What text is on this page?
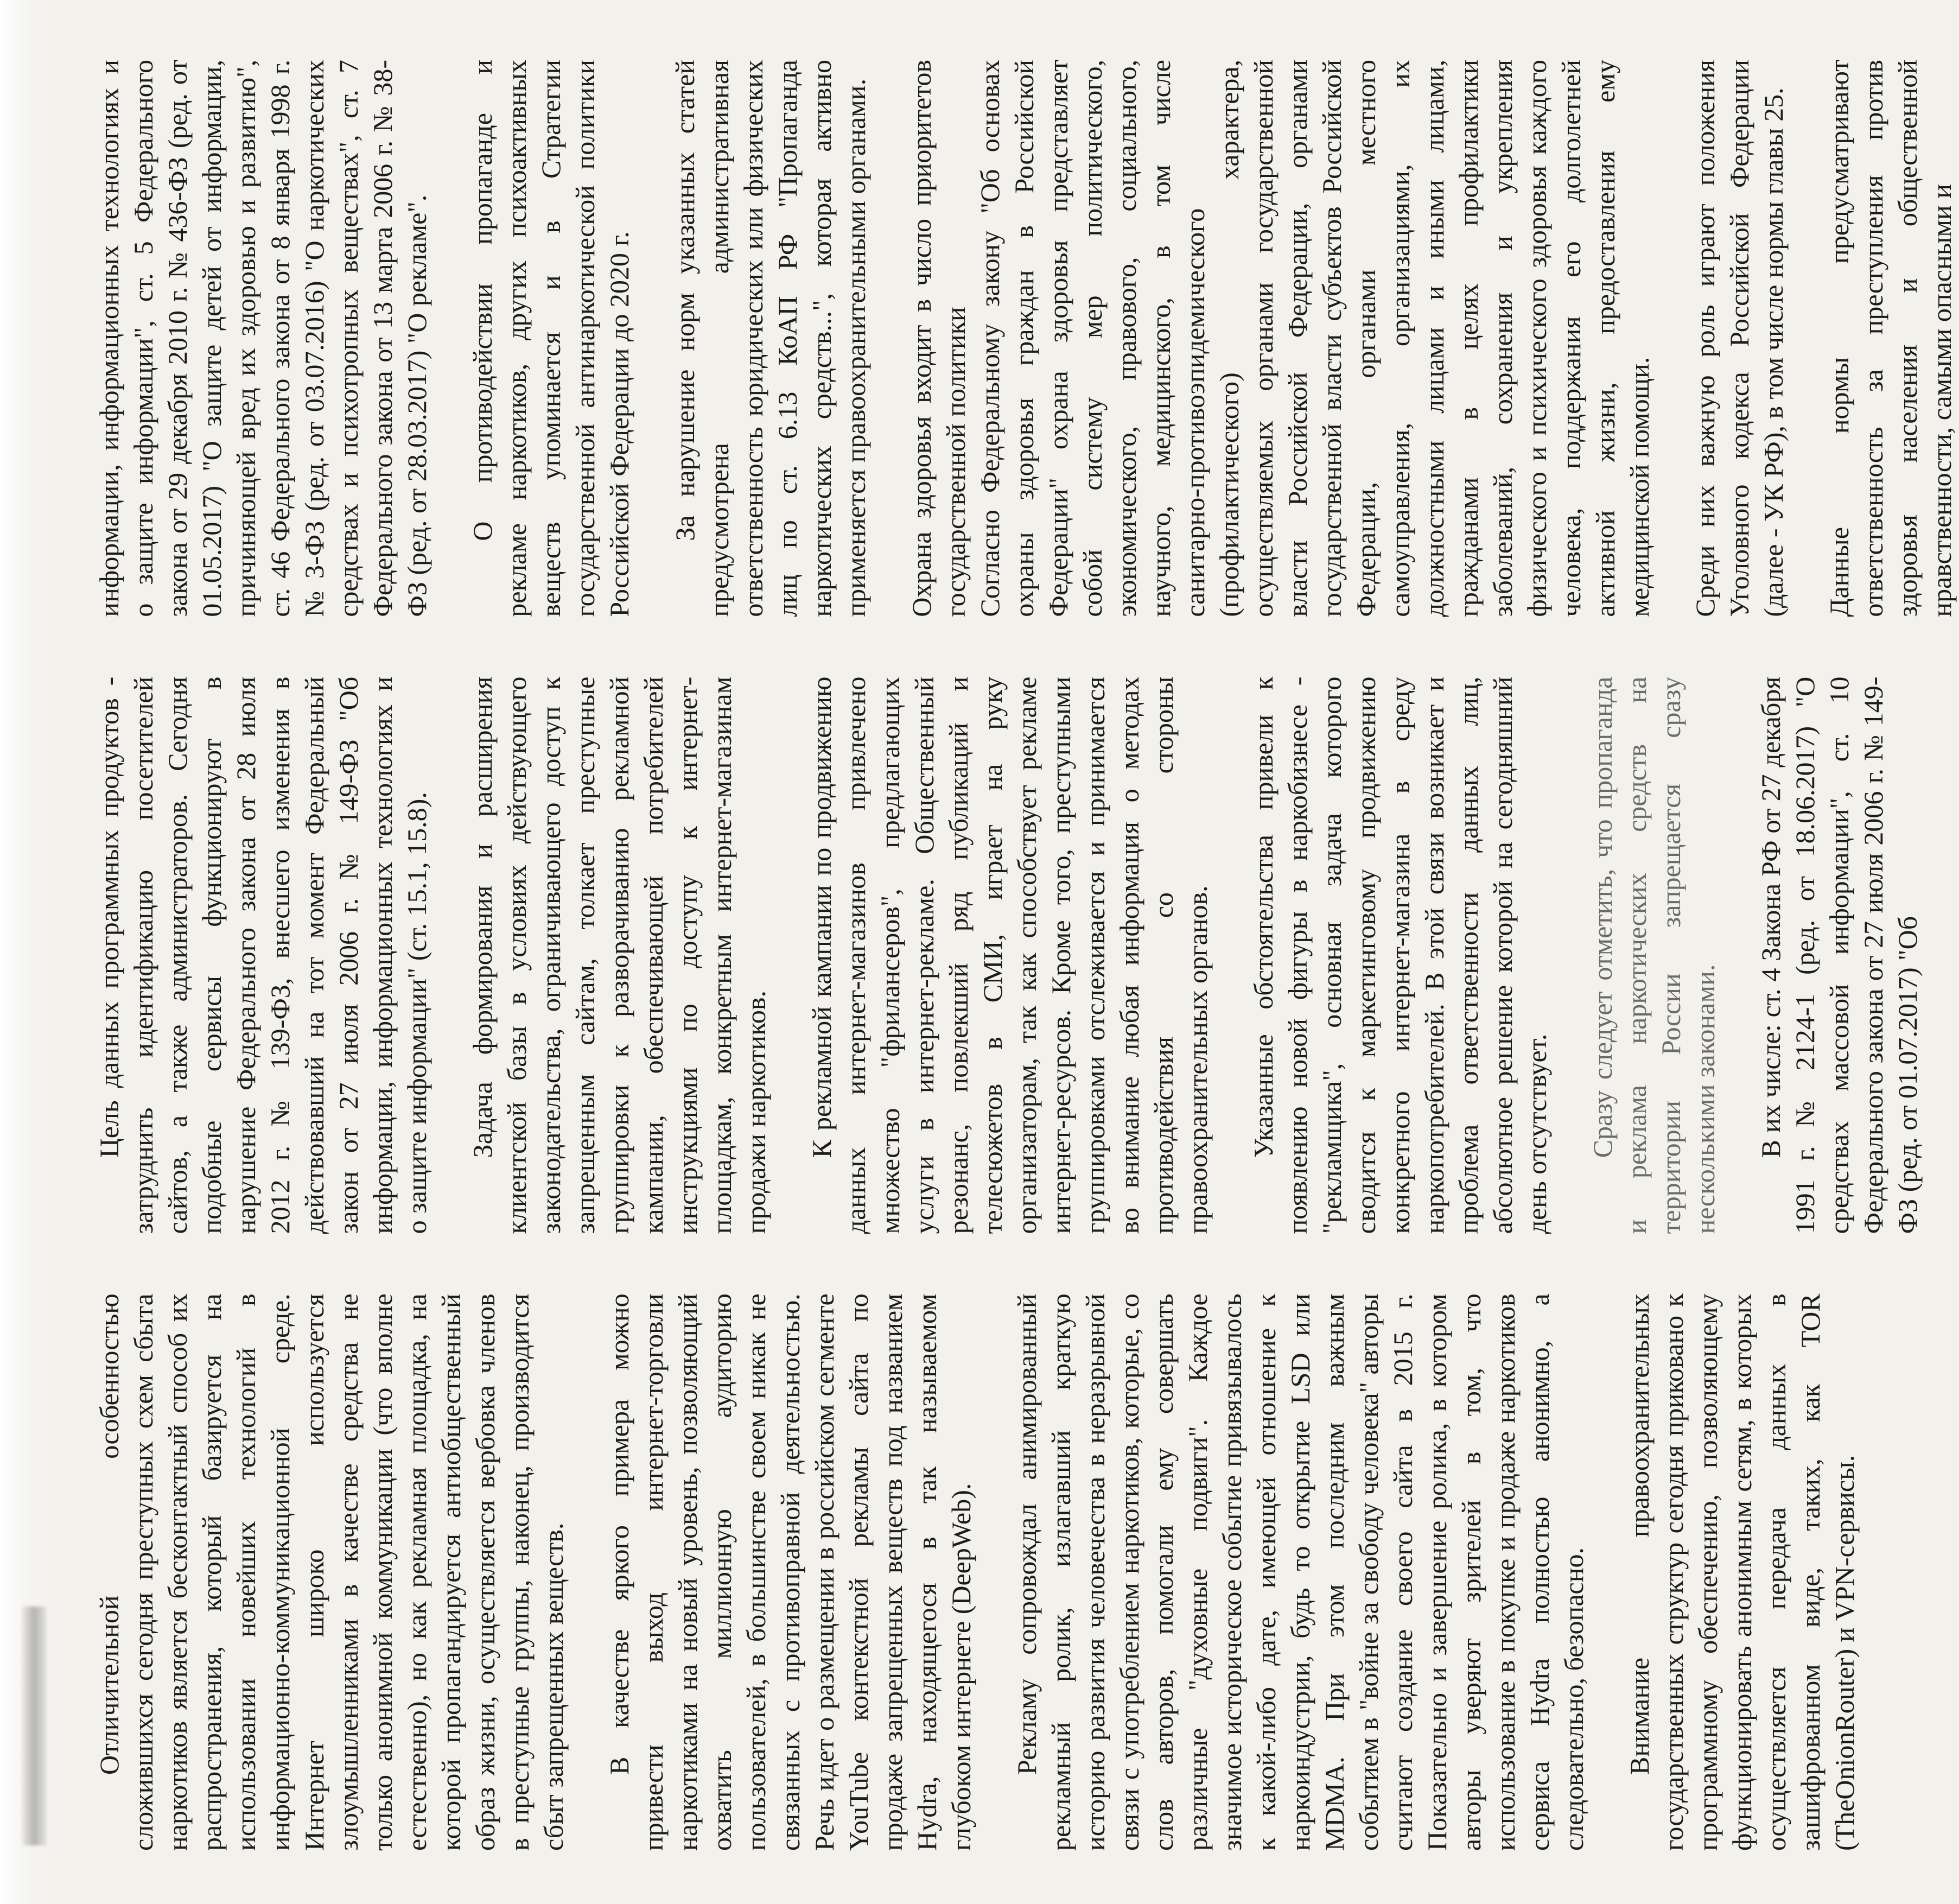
Отличительной особенностью сложившихся сегодня преступных схем сбыта наркотиков является бесконтактный способ их распространения, который базируется на использовании новейших технологий в информационно-коммуникационной среде. Интернет широко используется злоумышленниками в качестве средства не только анонимной коммуникации (что вполне естественно), но как рекламная площадка, на которой пропагандируется антиобщественный образ жизни, осуществляется вербовка членов в преступные группы, наконец, производится сбыт запрещенных веществ. В качестве яркого примера можно привести выход интернет-торговли наркотиками на новый уровень, позволяющий охватить миллионную аудиторию пользователей, в большинстве своем никак не связанных с противоправной деятельностью. Речь идет о размещении в российском сегменте YouTube контекстной рекламы сайта по продаже запрещенных веществ под названием Hydra, находящегося в так называемом глубоком интернете (DeepWeb). Рекламу сопровождал анимированный рекламный ролик, излагавший краткую историю развития человечества в неразрывной связи с употреблением наркотиков, которые, со слов авторов, помогали ему совершать различные "духовные подвиги". Каждое значимое историческое событие привязывалось к какой-либо дате, имеющей отношение к наркоиндустрии, будь то открытие LSD или MDMA. При этом последним важным событием в "войне за свободу человека" авторы считают создание своего сайта в 2015 г. Показательно и завершение ролика, в котором авторы уверяют зрителей в том, что использование в покупке и продаже наркотиков сервиса Hydra полностью анонимно, а следовательно, безопасно. Внимание правоохранительных государственных структур сегодня приковано к программному обеспечению, позволяющему функционировать анонимным сетям, в которых осуществляется передача данных в зашифрованном виде, таких, как TOR (TheOnionRouter) и VPN-сервисы.

Цель данных программных продуктов - затруднить идентификацию посетителей сайтов, а также администраторов. Сегодня подобные сервисы функционируют в нарушение Федерального закона от 28 июля 2012 г. № 139-ФЗ, внесшего изменения в действовавший на тот момент Федеральный закон от 27 июля 2006 г. № 149-ФЗ "Об информации, информационных технологиях и о защите информации" (ст. 15.1, 15.8). Задача формирования и расширения клиентской базы в условиях действующего законодательства, ограничивающего доступ к запрещенным сайтам, толкает преступные группировки к разворачиванию рекламной кампании, обеспечивающей потребителей инструкциями по доступу к интернет-площадкам, конкретным интернет-магазинам продажи наркотиков. К рекламной кампании по продвижению данных интернет-магазинов привлечено множество "фрилансеров", предлагающих услуги в интернет-рекламе. Общественный резонанс, повлекший ряд публикаций и телесюжетов в СМИ, играет на руку организаторам, так как способствует рекламе интернет-ресурсов. Кроме того, преступными группировками отслеживается и принимается во внимание любая информация о методах противодействия со стороны правоохранительных органов. Указанные обстоятельства привели к появлению новой фигуры в наркобизнесе - "рекламщика", основная задача которого сводится к маркетинговому продвижению конкретного интернет-магазина в среду наркопотребителей. В этой связи возникает и проблема ответственности данных лиц, абсолютное решение которой на сегодняшний день отсутствует. Сразу следует отметить, что пропаганда и реклама наркотических средств на территории России запрещается сразу несколькими законами. В их числе: ст. 4 Закона РФ от 27 декабря 1991 г. № 2124-1 (ред. от 18.06.2017) "О средствах массовой информации", ст. 10 Федерального закона от 27 июля 2006 г. № 149-ФЗ (ред. от 01.07.2017) "Об

информации, информационных технологиях и о защите информации", ст. 5 Федерального закона от 29 декабря 2010 г. № 436-ФЗ (ред. от 01.05.2017) "О защите детей от информации, причиняющей вред их здоровью и развитию", ст. 46 Федерального закона от 8 января 1998 г. № 3-ФЗ (ред. от 03.07.2016) "О наркотических средствах и психотропных веществах", ст. 7 Федерального закона от 13 марта 2006 г. № 38-ФЗ (ред. от 28.03.2017) "О рекламе". О противодействии пропаганде и рекламе наркотиков, других психоактивных веществ упоминается и в Стратегии государственной антинаркотической политики Российской Федерации до 2020 г. За нарушение норм указанных статей предусмотрена административная ответственность юридических или физических лиц по ст. 6.13 КоАП РФ "Пропаганда наркотических средств...", которая активно применяется правоохранительными органами. Охрана здоровья входит в число приоритетов государственной политики Согласно Федеральному закону "Об основах охраны здоровья граждан в Российской Федерации" охрана здоровья представляет собой систему мер политического, экономического, правового, социального, научного, медицинского, в том числе санитарно-противоэпидемического (профилактического) характера, осуществляемых органами государственной власти Российской Федерации, органами государственной власти субъектов Российской Федерации, органами местного самоуправления, организациями, их должностными лицами и иными лицами, гражданами в целях профилактики заболеваний, сохранения и укрепления физического и психического здоровья каждого человека, поддержания его долголетней активной жизни, предоставления ему медицинской помощи. Среди них важную роль играют положения Уголовного кодекса Российской Федерации (далее - УК РФ), в том числе нормы главы 25. Данные нормы предусматривают ответственность за преступления против здоровья населения и общественной нравственности, самыми опасными и
